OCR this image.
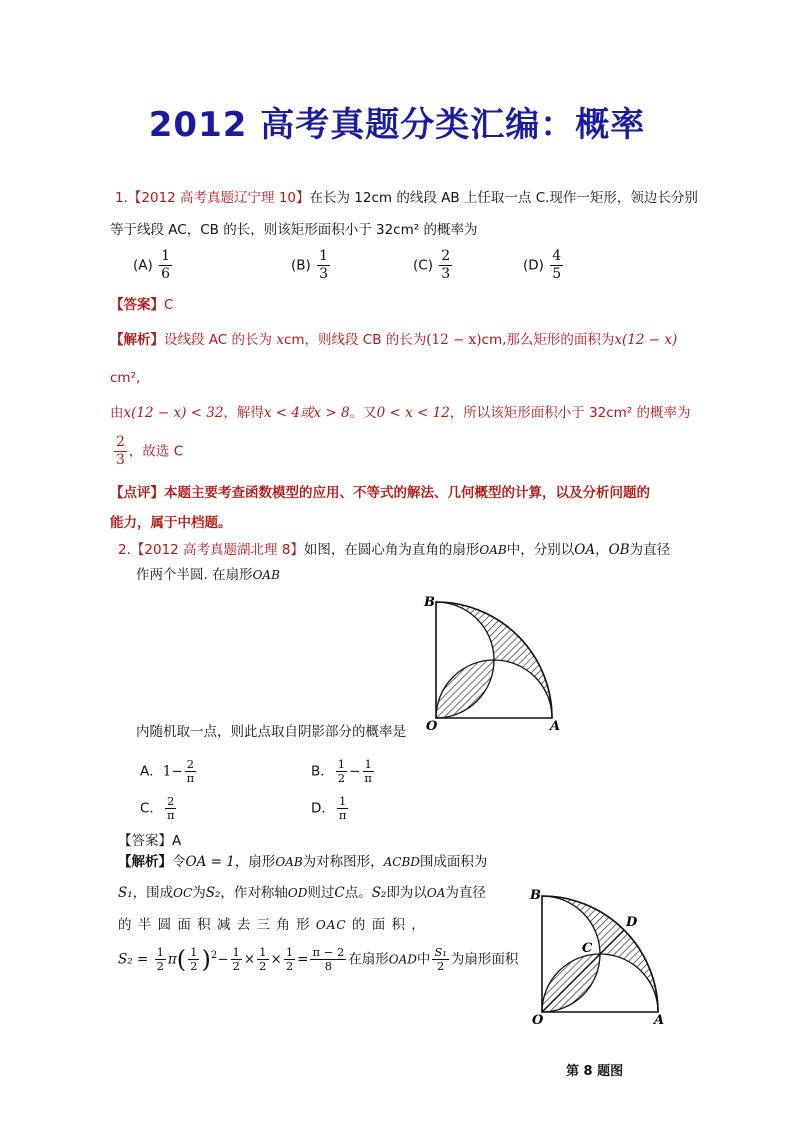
2012 高考真题分类汇编：概率
1.【2012 高考真题辽宁理 10】在长为 12cm 的线段 AB 上任取一点 C.现作一矩形，领边长分别
等于线段 AC，CB 的长，则该矩形面积小于 32cm² 的概率为
$(A) \frac{1}{6}$	$(B) \frac{1}{3}$	$(C) \frac{2}{3}$	$(D) \frac{4}{5}$
【答案】C
【解析】设线段 AC 的长为 xcm，则线段 CB 的长为(12 − x)cm,那么矩形的面积为x(12 − x)
cm²,
由x(12 − x) < 32，解得x < 4或x > 8。又0 < x < 12，所以该矩形面积小于 32cm² 的概率为
$\frac{2}{3}$ ，故选 C
【点评】本题主要考查函数模型的应用、不等式的解法、几何概型的计算，以及分析问题的
能力，属于中档题。
2.【2012 高考真题湖北理 8】如图，在圆心角为直角的扇形OAB中，分别以OA，OB为直径
作两个半圆. 在扇形OAB
B
O	A
内随机取一点，则此点取自阴影部分的概率是
A．$1- \frac{2}{\pi}$	B． $\frac{1}{2} - \frac{1}{\pi}$
C． $\frac{2}{\pi}$	D． $\frac{1}{\pi}$
【答案】A
【解析】令OA = 1，扇形OAB为对称图形，ACBD围成面积为
S₁，围成OC为S₂，作对称轴OD则过C点。S₂即为以OA为直径
的 半 圆 面 积 减 去 三 角 形 OAC 的 面 积 ，
$S_2 = \frac{1}{2} \pi( \frac{1}{2} )^2- \frac{1}{2} \times \frac{1}{2} \times \frac{1}{2} = \frac{\pi - 2}{8}$ 在扇形OAD中 $\frac{\text{S₁}}{2}$ 为扇形面积
B
D
C
O	A
第 8 题图
